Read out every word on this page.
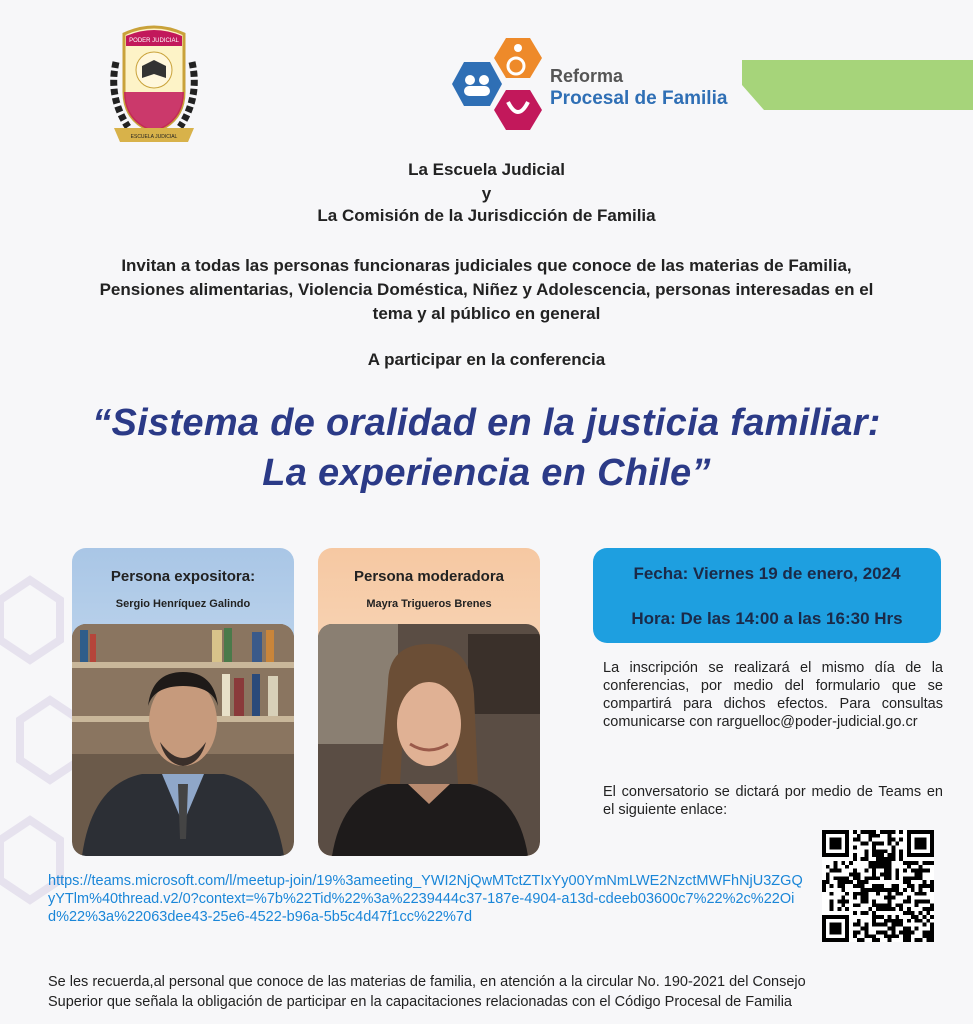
PODER JUDICIAL
ESCUELA JUDICIAL
Reforma
Procesal de Familia
La Escuela Judicial
y
La Comisión de la Jurisdicción de Familia
Invitan a todas las personas funcionaras judiciales que conoce de las materias de Familia,
Pensiones alimentarias, Violencia Doméstica, Niñez y Adolescencia, personas interesadas en el
tema y al público en general
A participar en la conferencia
“Sistema de oralidad en la justicia familiar:
La experiencia en Chile”
Persona expositora:
Sergio Henríquez Galindo
Persona moderadora
Mayra Trigueros Brenes
Fecha: Viernes 19 de enero, 2024
Hora: De las 14:00 a las 16:30 Hrs
La inscripción se realizará el mismo día de la conferencias, por medio del formulario que se compartirá para dichos efectos. Para consultas comunicarse con rarguelloc@poder-judicial.go.cr
El conversatorio se dictará por medio de Teams en el siguiente enlace:
https://teams.microsoft.com/l/meetup-join/19%3ameeting_YWI2NjQwMTctZTIxYy00YmNmLWE2NzctMWFhNjU3ZGQyYTlm%40thread.v2/0?context=%7b%22Tid%22%3a%2239444c37-187e-4904-a13d-cdeeb03600c7%22%2c%22Oid%22%3a%22063dee43-25e6-4522-b96a-5b5c4d47f1cc%22%7d
Se les recuerda,al personal que conoce de las materias de familia, en atención a la circular No. 190-2021 del Consejo
Superior que señala la obligación de participar en la capacitaciones relacionadas con el Código Procesal de Familia
